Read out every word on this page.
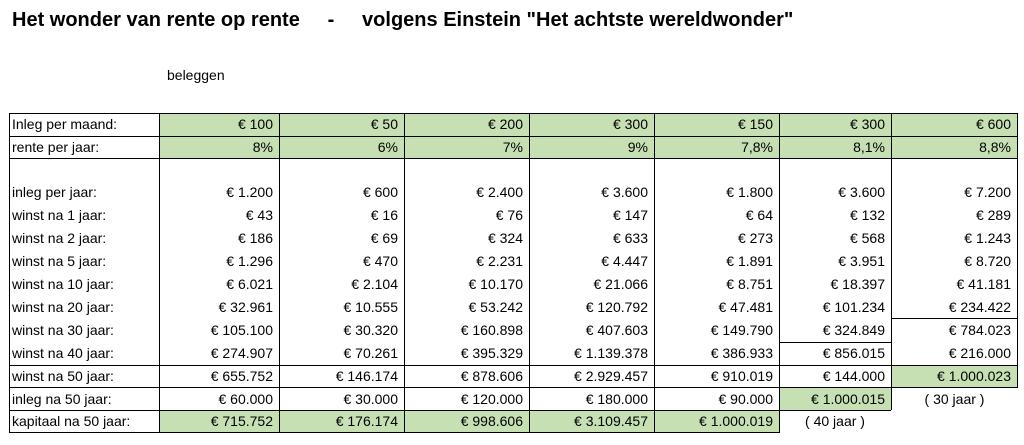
Het wonder van rente op rente     -     volgens Einstein "Het achtste wereldwonder"
beleggen
Inleg per maand:	€ 100	€ 50	€ 200	€ 300	€ 150	€ 300	€ 600
rente per jaar:	8%	6%	7%	9%	7,8%	8,1%	8,8%
inleg per jaar:	€ 1.200	€ 600	€ 2.400	€ 3.600	€ 1.800	€ 3.600	€ 7.200
winst na 1 jaar:	€ 43	€ 16	€ 76	€ 147	€ 64	€ 132	€ 289
winst na 2 jaar:	€ 186	€ 69	€ 324	€ 633	€ 273	€ 568	€ 1.243
winst na 5 jaar:	€ 1.296	€ 470	€ 2.231	€ 4.447	€ 1.891	€ 3.951	€ 8.720
winst na 10 jaar:	€ 6.021	€ 2.104	€ 10.170	€ 21.066	€ 8.751	€ 18.397	€ 41.181
winst na 20 jaar:	€ 32.961	€ 10.555	€ 53.242	€ 120.792	€ 47.481	€ 101.234	€ 234.422
winst na 30 jaar:	€ 105.100	€ 30.320	€ 160.898	€ 407.603	€ 149.790	€ 324.849	€ 784.023
winst na 40 jaar:	€ 274.907	€ 70.261	€ 395.329	€ 1.139.378	€ 386.933	€ 856.015	€ 216.000
winst na 50 jaar:	€ 655.752	€ 146.174	€ 878.606	€ 2.929.457	€ 910.019	€ 144.000	€ 1.000.023
inleg na 50 jaar:	€ 60.000	€ 30.000	€ 120.000	€ 180.000	€ 90.000	€ 1.000.015
kapitaal na 50 jaar:	€ 715.752	€ 176.174	€ 998.606	€ 3.109.457	€ 1.000.019
( 30 jaar )
( 40 jaar )
